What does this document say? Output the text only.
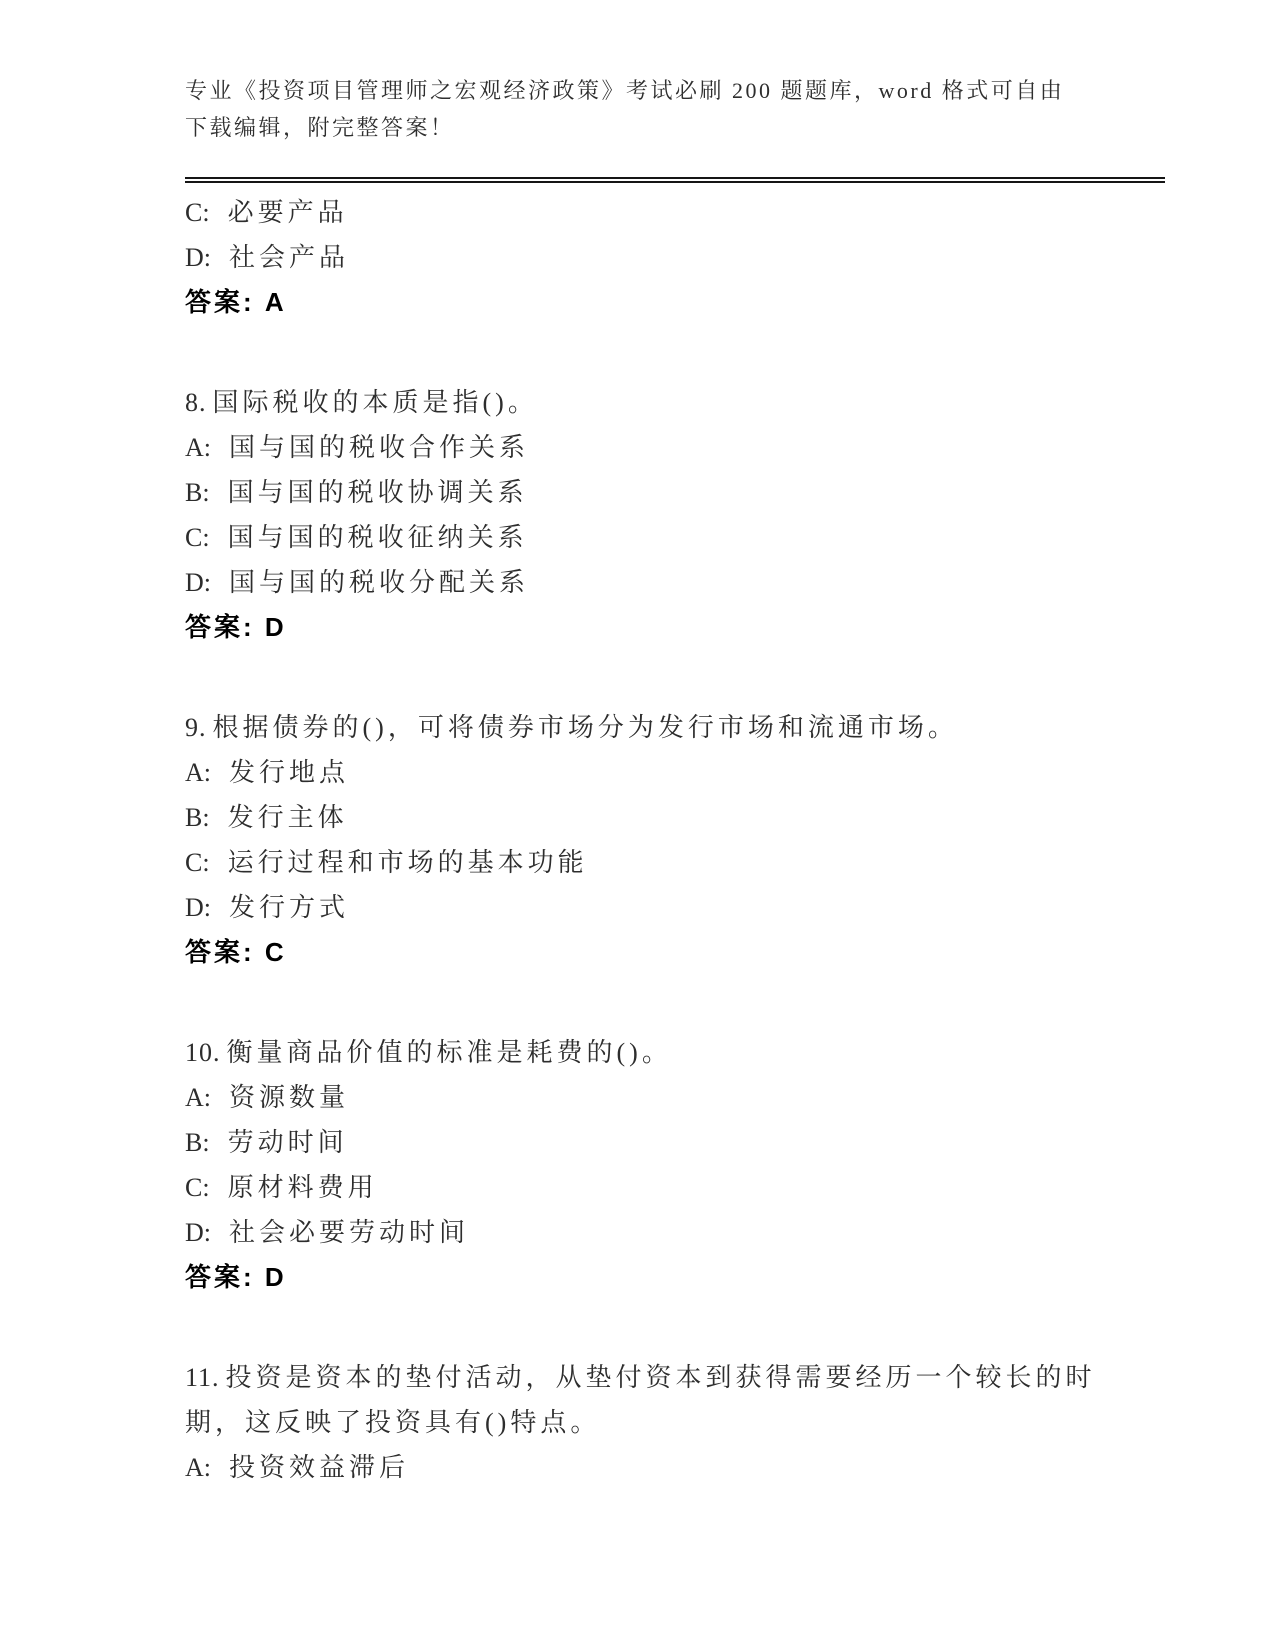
专业《投资项目管理师之宏观经济政策》考试必刷 200 题题库，word 格式可自由
下载编辑，附完整答案！

C: 必要产品

D: 社会产品

答案: A

8. 国际税收的本质是指()。

A: 国与国的税收合作关系

B: 国与国的税收协调关系

C: 国与国的税收征纳关系

D: 国与国的税收分配关系

答案: D

9. 根据债券的()，可将债券市场分为发行市场和流通市场。

A: 发行地点

B: 发行主体

C: 运行过程和市场的基本功能

D: 发行方式

答案: C

10. 衡量商品价值的标准是耗费的()。

A: 资源数量

B: 劳动时间

C: 原材料费用

D: 社会必要劳动时间

答案: D

11. 投资是资本的垫付活动，从垫付资本到获得需要经历一个较长的时期，这反映了投资具有()特点。

A: 投资效益滞后
